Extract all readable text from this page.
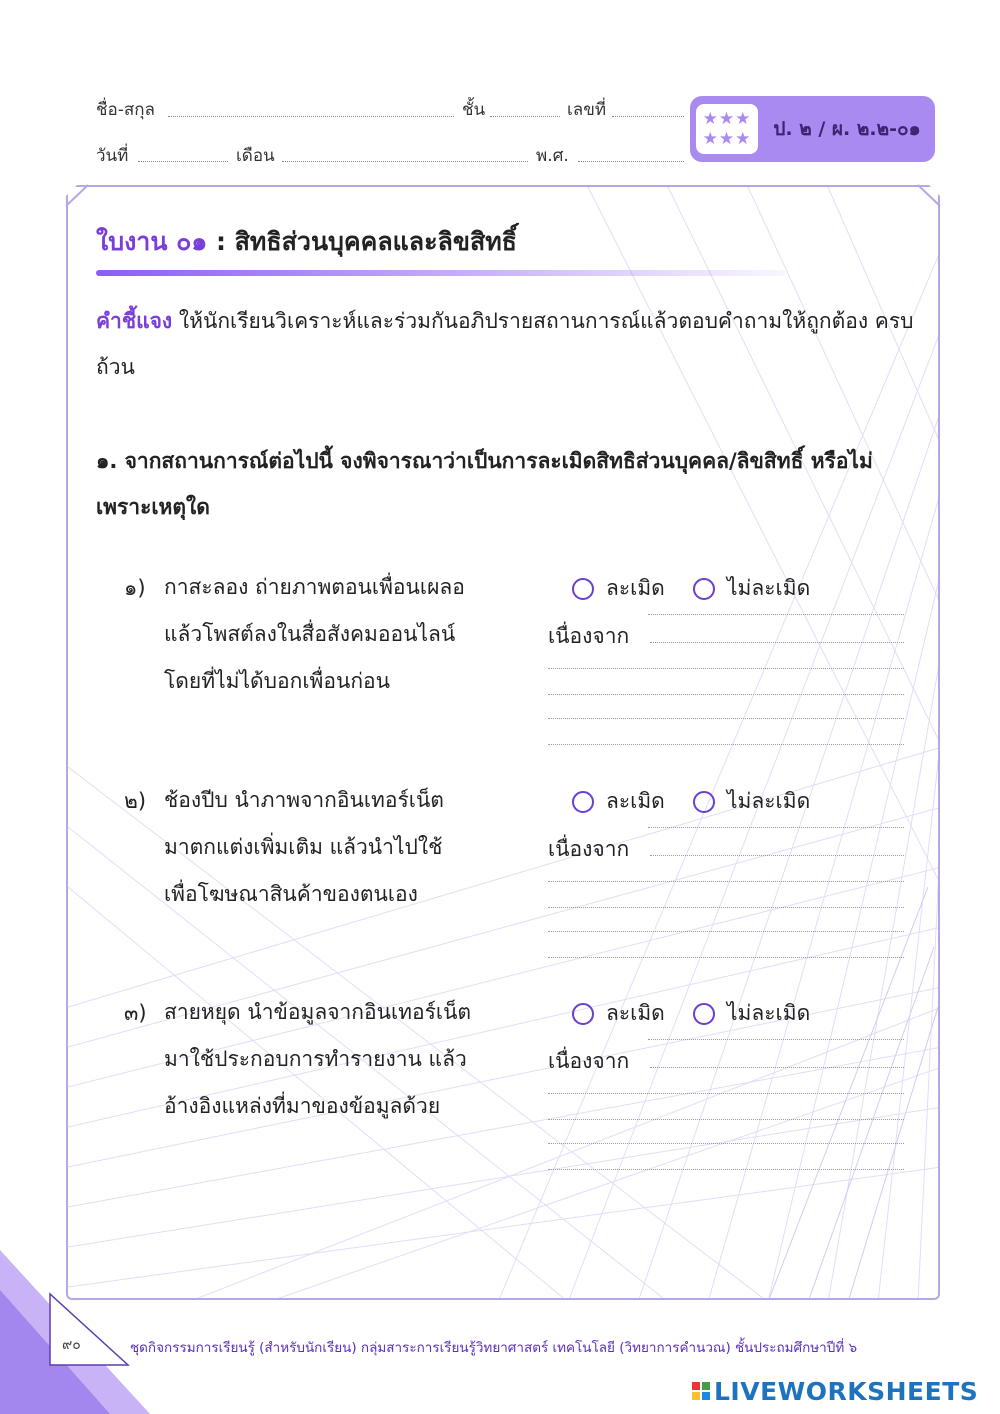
ชื่อ-สกุล	ชั้น	เลขที่
วันที่	เดือน	พ.ศ.
★★★
★★★	ป. ๒ / ผ. ๒.๒-๐๑
ใบงาน ๐๑ : สิทธิส่วนบุคคลและลิขสิทธิ์
คำชี้แจง ให้นักเรียนวิเคราะห์และร่วมกันอภิปรายสถานการณ์แล้วตอบคำถามให้ถูกต้อง ครบถ้วน
๑. จากสถานการณ์ต่อไปนี้ จงพิจารณาว่าเป็นการละเมิดสิทธิส่วนบุคคล/ลิขสิทธิ์ หรือไม่ เพราะเหตุใด
๑) กาสะลอง ถ่ายภาพตอนเพื่อนเผลอ
แล้วโพสต์ลงในสื่อสังคมออนไลน์
โดยที่ไม่ได้บอกเพื่อนก่อน
ละเมิด	ไม่ละเมิด
เนื่องจาก
๒) ช้องปีบ นำภาพจากอินเทอร์เน็ต
มาตกแต่งเพิ่มเติม แล้วนำไปใช้
เพื่อโฆษณาสินค้าของตนเอง
ละเมิด	ไม่ละเมิด
เนื่องจาก
๓) สายหยุด นำข้อมูลจากอินเทอร์เน็ต
มาใช้ประกอบการทำรายงาน แล้ว
อ้างอิงแหล่งที่มาของข้อมูลด้วย
ละเมิด	ไม่ละเมิด
เนื่องจาก
๙๐	ชุดกิจกรรมการเรียนรู้ (สำหรับนักเรียน) กลุ่มสาระการเรียนรู้วิทยาศาสตร์ เทคโนโลยี (วิทยาการคำนวณ) ชั้นประถมศึกษาปีที่ ๖
LIVEWORKSHEETS
